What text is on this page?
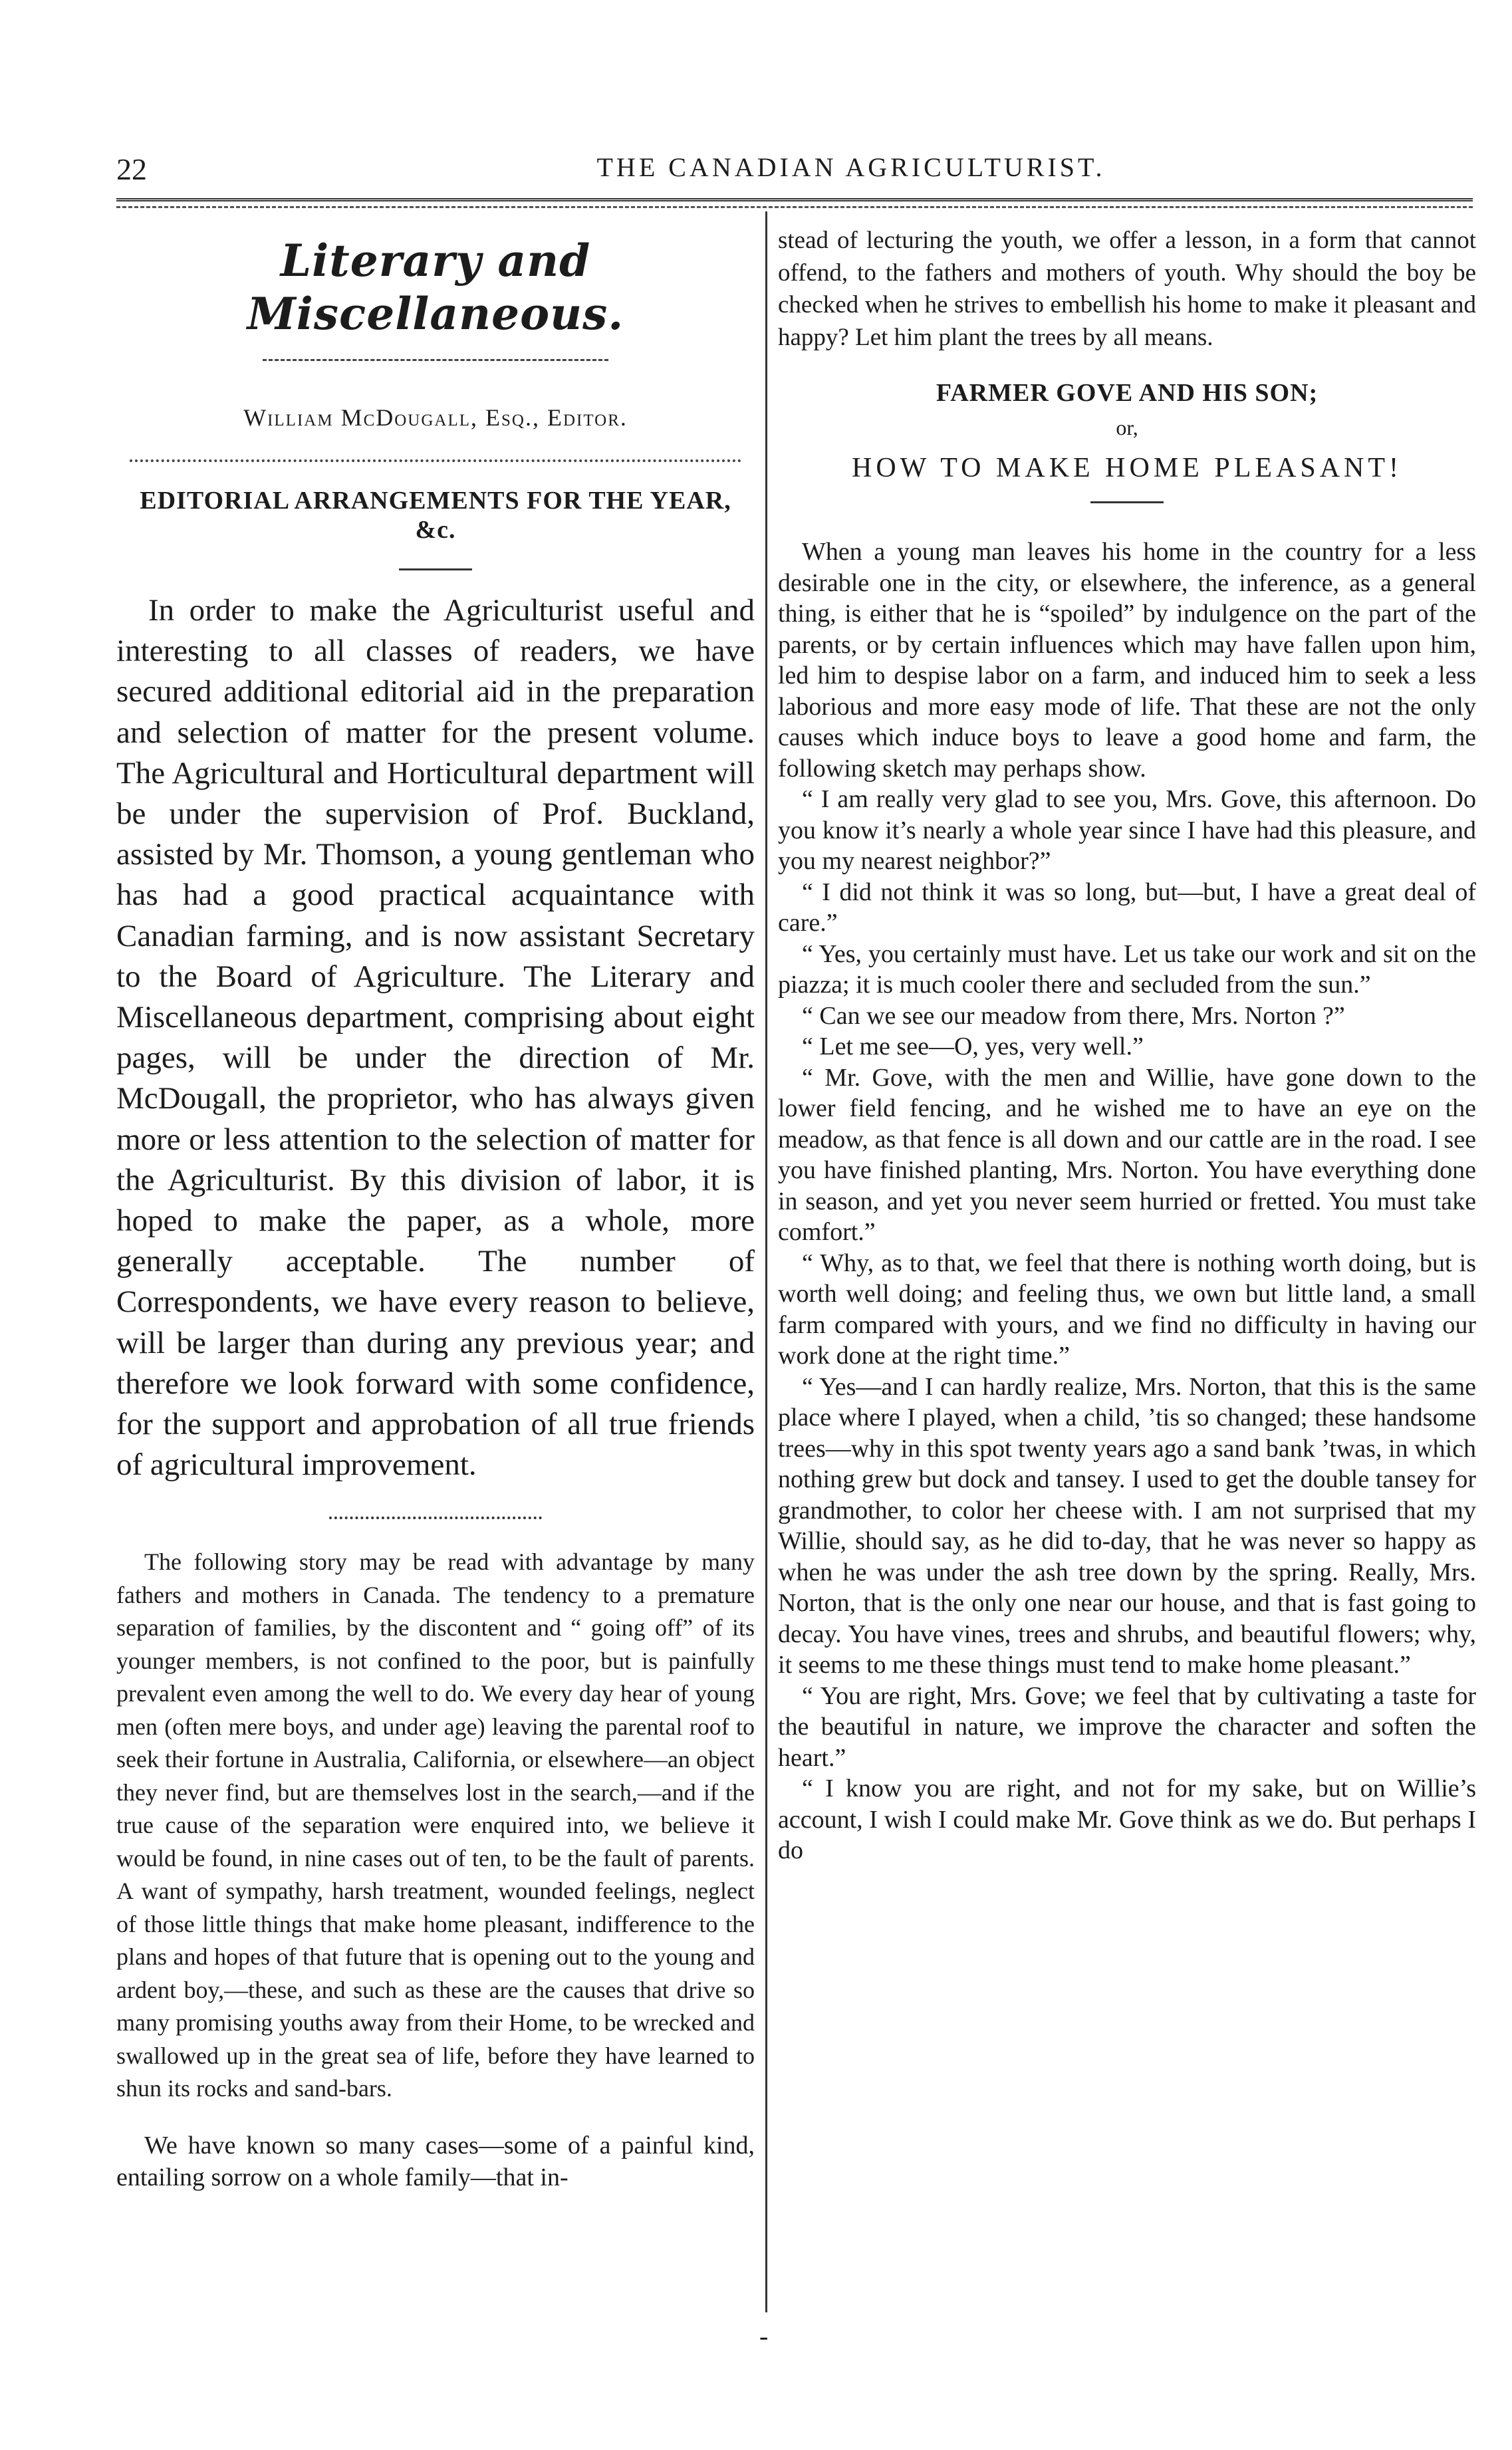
22	THE CANADIAN AGRICULTURIST.
-
Literary and Miscellaneous.
William McDougall, Esq., Editor.
EDITORIAL ARRANGEMENTS FOR THE YEAR, &c.

In order to make the Agriculturist useful and interesting to all classes of readers, we have secured additional editorial aid in the preparation and selection of matter for the present volume. The Agricultural and Horticultural department will be under the supervision of Prof. Buckland, assisted by Mr. Thomson, a young gentleman who has had a good practical acquaintance with Canadian farming, and is now assistant Secretary to the Board of Agriculture. The Literary and Miscellaneous department, comprising about eight pages, will be under the direction of Mr. McDougall, the proprietor, who has always given more or less attention to the selection of matter for the Agriculturist. By this division of labor, it is hoped to make the paper, as a whole, more generally acceptable. The number of Correspondents, we have every reason to believe, will be larger than during any previous year; and therefore we look forward with some confidence, for the support and approbation of all true friends of agricultural improvement.

The following story may be read with advantage by many fathers and mothers in Canada. The tendency to a premature separation of families, by the discontent and “ going off” of its younger members, is not confined to the poor, but is painfully prevalent even among the well to do. We every day hear of young men (often mere boys, and under age) leaving the parental roof to seek their fortune in Australia, California, or elsewhere—an object they never find, but are themselves lost in the search,—and if the true cause of the separation were enquired into, we believe it would be found, in nine cases out of ten, to be the fault of parents. A want of sympathy, harsh treatment, wounded feelings, neglect of those little things that make home pleasant, indifference to the plans and hopes of that future that is opening out to the young and ardent boy,—these, and such as these are the causes that drive so many promising youths away from their Home, to be wrecked and swallowed up in the great sea of life, before they have learned to shun its rocks and sand-bars.

We have known so many cases—some of a painful kind, entailing sorrow on a whole family—that in-

stead of lecturing the youth, we offer a lesson, in a form that cannot offend, to the fathers and mothers of youth. Why should the boy be checked when he strives to embellish his home to make it pleasant and happy? Let him plant the trees by all means.

FARMER GOVE AND HIS SON;
or,
HOW TO MAKE HOME PLEASANT!

When a young man leaves his home in the country for a less desirable one in the city, or elsewhere, the inference, as a general thing, is either that he is “spoiled” by indulgence on the part of the parents, or by certain influences which may have fallen upon him, led him to despise labor on a farm, and induced him to seek a less laborious and more easy mode of life. That these are not the only causes which induce boys to leave a good home and farm, the following sketch may perhaps show.

“ I am really very glad to see you, Mrs. Gove, this afternoon. Do you know it’s nearly a whole year since I have had this pleasure, and you my nearest neighbor?”

“ I did not think it was so long, but—but, I have a great deal of care.”

“ Yes, you certainly must have. Let us take our work and sit on the piazza; it is much cooler there and secluded from the sun.”

“ Can we see our meadow from there, Mrs. Norton ?”

“ Let me see—O, yes, very well.”

“ Mr. Gove, with the men and Willie, have gone down to the lower field fencing, and he wished me to have an eye on the meadow, as that fence is all down and our cattle are in the road. I see you have finished planting, Mrs. Norton. You have everything done in season, and yet you never seem hurried or fretted. You must take comfort.”

“ Why, as to that, we feel that there is nothing worth doing, but is worth well doing; and feeling thus, we own but little land, a small farm compared with yours, and we find no difficulty in having our work done at the right time.”

“ Yes—and I can hardly realize, Mrs. Norton, that this is the same place where I played, when a child, ’tis so changed; these handsome trees—why in this spot twenty years ago a sand bank ’twas, in which nothing grew but dock and tansey. I used to get the double tansey for grandmother, to color her cheese with. I am not surprised that my Willie, should say, as he did to-day, that he was never so happy as when he was under the ash tree down by the spring. Really, Mrs. Norton, that is the only one near our house, and that is fast going to decay. You have vines, trees and shrubs, and beautiful flowers; why, it seems to me these things must tend to make home pleasant.”

“ You are right, Mrs. Gove; we feel that by cultivating a taste for the beautiful in nature, we improve the character and soften the heart.”

“ I know you are right, and not for my sake, but on Willie’s account, I wish I could make Mr. Gove think as we do. But perhaps I do
